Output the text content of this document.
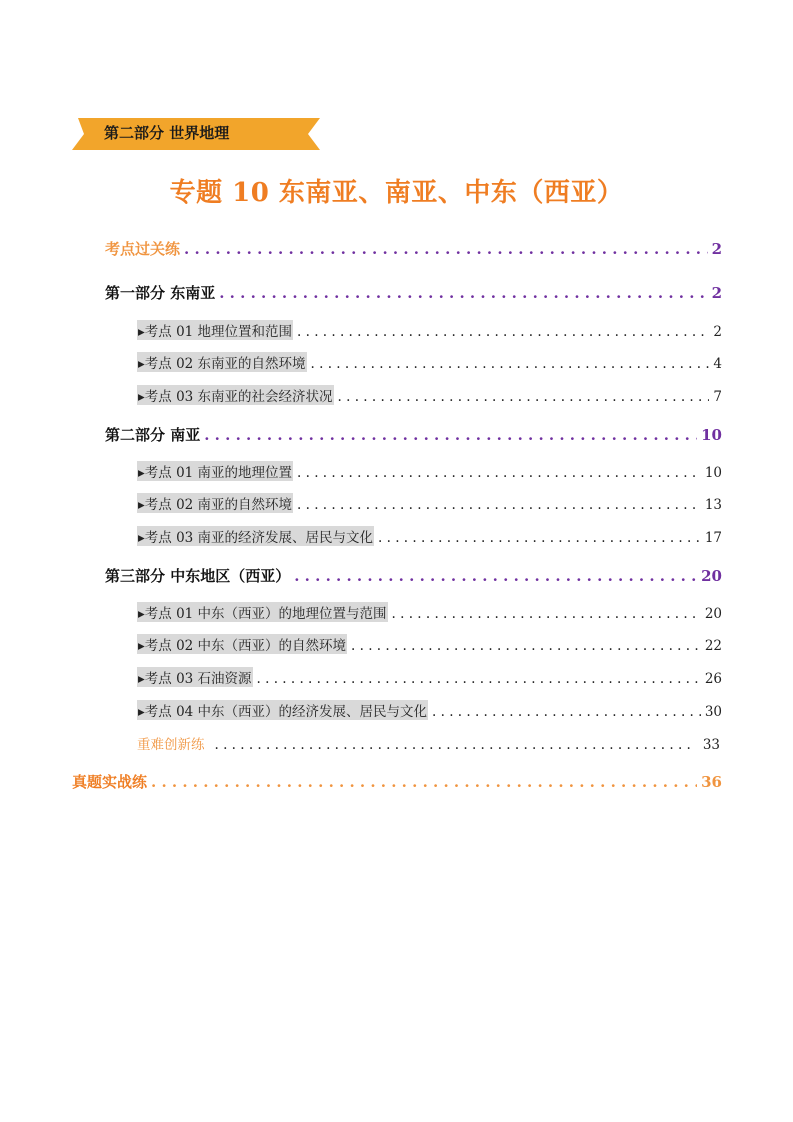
第二部分 世界地理
专题 10 东南亚、南亚、中东（西亚）
考点过关练 . . .	2
第一部分 东南亚 . . .	2
▸考点 01 地理位置和范围 . . .	2
▸考点 02 东南亚的自然环境 . . .	4
▸考点 03 东南亚的社会经济状况 . . .	7
第二部分 南亚 . . .	10
▸考点 01 南亚的地理位置 . . .	10
▸考点 02 南亚的自然环境 . . .	13
▸考点 03 南亚的经济发展、居民与文化 . . .	17
第三部分 中东地区（西亚） . . .	20
▸考点 01 中东（西亚）的地理位置与范围 . . .	20
▸考点 02 中东（西亚）的自然环境 . . .	22
▸考点 03 石油资源 . . .	26
▸考点 04 中东（西亚）的经济发展、居民与文化 . . .	30
重难创新练 . . .	33
真题实战练 . . .	36
